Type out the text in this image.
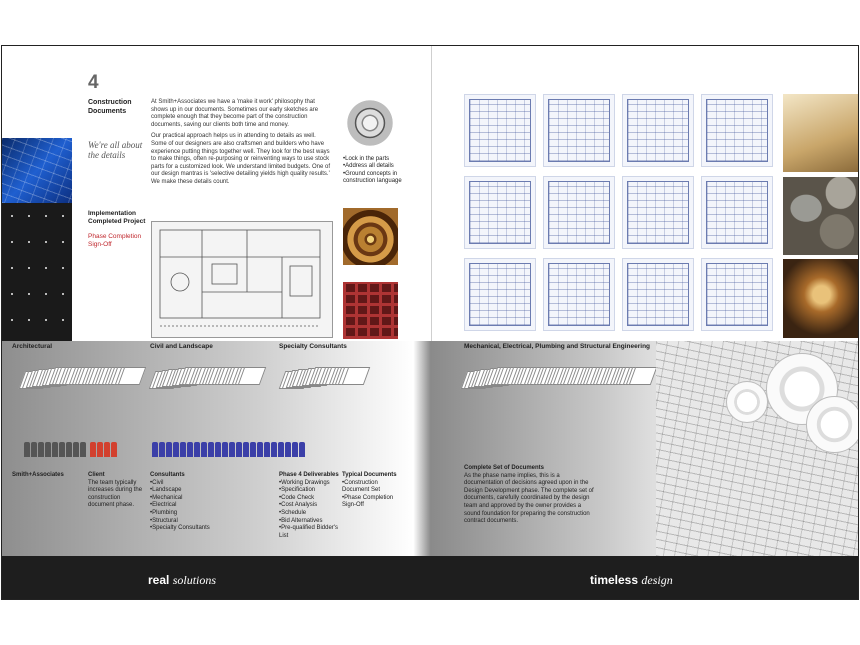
4
Construction Documents
We're all about the details
Implementation Completed Project
Phase Completion Sign-Off

At Smith+Associates we have a 'make it work' philosophy that shows up in our documents. Sometimes our early sketches are complete enough that they become part of the construction documents, saving our clients both time and money.

Our practical approach helps us in attending to details as well. Some of our designers are also craftsmen and builders who have experience putting things together well. They look for the best ways to make things, often re-purposing or reinventing ways to use stock parts for a customized look. We understand limited budgets. One of our design mantras is 'selective detailing yields high quality results.' We make these details count.

• Lock in the parts
• Address all details
• Ground concepts in construction language
Architectural	Civil and Landscape	Specialty Consultants	Mechanical, Electrical, Plumbing and Structural Engineering
Smith+Associates	Client
The team typically increases during the construction document phase.
Consultants
• Civil
• Landscape
• Mechanical
• Electrical
• Plumbing
• Structural
• Specialty Consultants
Phase 4 Deliverables
• Working Drawings
• Specification
• Code Check
• Cost Analysis
• Schedule
• Bid Alternatives
• Pre-qualified Bidder's List
Typical Documents
• Construction Document Set
• Phase Completion Sign-Off
Complete Set of Documents
As the phase name implies, this is a documentation of decisions agreed upon in the Design Development phase. The complete set of documents, carefully coordinated by the design team and approved by the owner provides a sound foundation for preparing the construction contract documents.
real solutions	timeless design
